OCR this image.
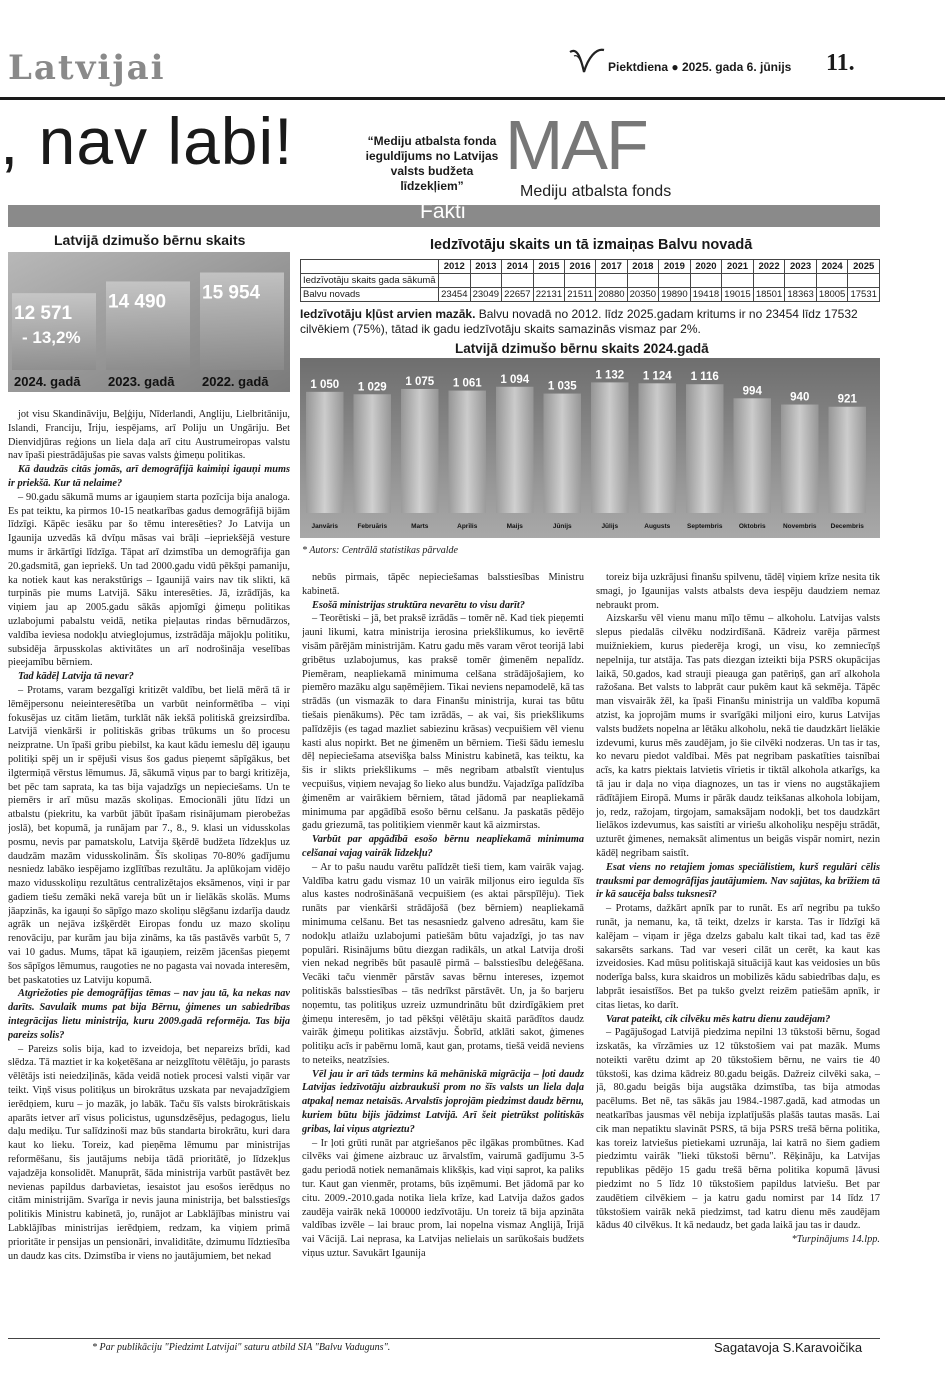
Latvijai	Piektdiena ● 2025. gada 6. jūnijs 11.
, nav labi!	“Mediju atbalsta fonda ieguldījums no Latvijas valsts budžeta līdzekļiem”
MAF
Mediju atbalsta fonds
Fakti
Latvijā dzimušo bērnu skaits
12 571
2024. gadā
14 490
2023. gadā
15 954
2022. gadā
- 13,2%
Iedzīvotāju skaits un tā izmaiņas Balvu novadā
	2012	2013	2014	2015	2016	2017	2018	2019	2020	2021	2022	2023	2024	2025
Iedzīvotāju skaits gada sākumā														
Balvu novads	23454	23049	22657	22131	21511	20880	20350	19890	19418	19015	18501	18363	18005	17531
Iedzīvotāju kļūst arvien mazāk. Balvu novadā no 2012. līdz 2025.gadam kritums ir no 23454 līdz 17532 cilvēkiem (75%), tātad ik gadu iedzīvotāju skaits samazinās vismaz par 2%.
Latvijā dzimušo bērnu skaits 2024.gadā
1 050
Janvāris
1 029
Februāris
1 075
Marts
1 061
Aprīlis
1 094
Maijs
1 035
Jūnijs
1 132
Jūlijs
1 124
Augusts
1 116
Septembris
994
Oktobris
940
Novembris
921
Decembris
* Autors: Centrālā statistikas pārvalde

jot visu Skandināviju, Beļģiju, Nīderlandi, Angliju, Lielbritāniju, Islandi, Franciju, Īriju, iespējams, arī Poliju un Ungāriju. Bet Dienvidjūras reģions un liela daļa arī citu Austrumeiropas valstu nav īpaši piestrādājušas pie savas valsts ģimeņu politikas.

Kā daudzās citās jomās, arī demogrāfijā kaimiņi igauņi mums ir priekšā. Kur tā nelaime?

– 90.gadu sākumā mums ar igauņiem starta pozīcija bija analoga. Es pat teiktu, ka pirmos 10-15 neatkarības gadus demogrāfijā bijām līdzīgi. Kāpēc iesāku par šo tēmu interesēties? Jo Latvija un Igaunija uzvedās kā dvīņu māsas vai brāļi –iepriekšējā vesture mums ir ārkārtīgi līdzīga. Tāpat arī dzimstība un demogrāfija gan 20.gadsmitā, gan iepriekš. Un tad 2000.gadu vidū pēkšņi pamaniju, ka notiek kaut kas nerakstūrigs – Igaunijā vairs nav tik slikti, kā turpinās pie mums Latvijā. Sāku interesēties. Jā, izrādījās, ka viņiem jau ap 2005.gadu sākās apjomīgi ģimeņu politikas uzlabojumi pabalstu veidā, netika pieļautas rindas bērnudārzos, valdība ieviesa nodokļu atvieglojumus, izstrādāja mājokļu politiku, subsidēja ārpusskolas aktivitātes un arī nodrošināja veselības pieejamību bērniem.

Tad kādēļ Latvija tā nevar?

– Protams, varam bezgalīgi kritizēt valdību, bet lielā mērā tā ir lēmējpersonu neieinteresētība un varbūt neinformētība – viņi fokusējas uz citām lietām, turklāt nāk iekšā politiskā greizsirdība. Latvijā vienkārši ir politiskās gribas trūkums un šo procesu neizpratne. Un īpaši gribu piebilst, ka kaut kādu iemeslu dēļ igauņu politiķi spēj un ir spējuši visus šos gadus pieņemt sāpīgākus, bet ilgtermiņā vērstus lēmumus. Jā, sākumā viņus par to bargi kritizēja, bet pēc tam saprata, ka tas bija vajadzīgs un nepieciešams. Un te piemērs ir arī mūsu mazās skoliņas. Emocionāli jūtu līdzi un atbalstu (piekritu, ka varbūt jābūt īpašam risinājumam pierobežas joslā), bet kopumā, ja runājam par 7., 8., 9. klasi un vidusskolas posmu, nevis par pamatskolu, Latvija šķērdē budžeta līdzekļus uz daudzām mazām vidusskolinām. Šīs skoliņas 70-80% gadījumu nesniedz labāko iespējamo izglītības rezultātu. Ja aplūkojam vidējo mazo vidusskoliņu rezultātus centralizētajos eksāmenos, viņi ir par gadiem tiešu zemāki nekā vareja būt un ir lielākās skolās. Mums jāapzinās, ka igauņi šo sāpīgo mazo skoliņu slēgšanu izdarīja daudz agrāk un nejāva izšķērdēt Eiropas fondu uz mazo skoliņu renovāciju, par kurām jau bija zināms, ka tās pastāvēs varbūt 5, 7 vai 10 gadus. Mums, tāpat kā igauņiem, reizēm jācenšas pieņemt šos sāpīgos lēmumus, raugoties ne no pagasta vai novada interesēm, bet paskatoties uz Latviju kopumā.

Atgriežoties pie demogrāfijas tēmas – nav jau tā, ka nekas nav darīts. Savulaik mums pat bija Bērnu, ģimenes un sabiedrības integrācijas lietu ministrija, kuru 2009.gadā reformēja. Tas bija pareizs solis?

– Pareizs solis bija, kad to izveidoja, bet nepareizs brīdi, kad slēdza. Tā maztiet ir ka koķetēšana ar neizglītotu vēlētāju, jo parasts vēlētājs isti neiedziļinās, kāda veidā notiek procesi valsti viņār var teikt. Viņš visus politiķus un birokrātus uzskata par nevajadzīgiem ierēdņiem, kuru – jo mazāk, jo labāk. Taču šīs valsts birokrātiskais aparāts ietver arī visus policistus, ugunsdzēsējus, pedagogus, lielu daļu mediķu. Tur salīdzinoši maz būs standarta birokrātu, kuri dara kaut ko lieku. Toreiz, kad pieņēma lēmumu par ministrijas reformēšanu, šis jautājums nebija tādā prioritātē, jo līdzekļus vajadzēja konsolidēt. Manuprāt, šāda ministrija varbūt pastāvēt bez nevienas papildus darbavietas, iesaistot jau esošos ierēdņus no citām ministrijām. Svarīga ir nevis jauna ministrija, bet balsstiesīgs politikis Ministru kabinetā, jo, runājot ar Labklājības ministru vai Labklājības ministrijas ierēdņiem, redzam, ka viņiem primā prioritāte ir pensijas un pensionāri, invaliditāte, dzimumu līdztiesība un daudz kas cits. Dzimstība ir viens no jautājumiem, bet nekad

nebūs pirmais, tāpēc nepieciešamas balsstiesības Ministru kabinetā.

Esošā ministrijas struktūra nevarētu to visu darīt?

– Teorētiski – jā, bet praksē izrādās – tomēr nē. Kad tiek pieņemti jauni likumi, katra ministrija ierosina priekšlikumus, ko ievērtē visām pārējām ministrijām. Katru gadu mēs varam vērot teorijā labi gribētus uzlabojumus, kas praksē tomēr ģimenēm nepalīdz. Piemēram, neapliekamā minimuma celšana strādājošajiem, ko piemēro mazāku algu saņēmējiem. Tikai neviens nepamodelē, kā tas strādās (un vismazāk to dara Finanšu ministrija, kurai tas būtu tiešais pienākums). Pēc tam izrādās, – ak vai, šis priekšlikums palīdzējis (es tagad mazliet sabiezinu krāsas) vecpuišiem vēl vienu kasti alus nopirkt. Bet ne ģimenēm un bērniem. Tieši šādu iemeslu dēļ nepieciešama atsevišķa balss Ministru kabinetā, kas teiktu, ka šis ir slikts priekšlikums – mēs negribam atbalstīt vientuļus vecpuišus, viņiem nevajag šo lieko alus bundžu. Vajadzīga palīdzība ģimenēm ar vairākiem bērniem, tātad jādomā par neapliekamā minimuma par apgādībā esošo bērnu celšanu. Ja paskatās pēdējo gadu griezumā, tas politiķiem vienmēr kaut kā aizmirstas.

Varbūt par apgādībā esošo bērnu neapliekamā minimuma celšanai vajag vairāk līdzekļu?

– Ar to pašu naudu varētu palīdzēt tieši tiem, kam vairāk vajag. Valdība katru gadu vismaz 10 un vairāk miljonus eiro iegulda šīs alus kastes nodrošināšanā vecpuišiem (es aktai pārspīlēju). Tiek runāts par vienkārši strādājošā (bez bērniem) neapliekamā minimuma celšanu. Bet tas nesasniedz galveno adresātu, kam šie nodokļu atlaižu uzlabojumi patiešām būtu vajadzīgi, jo tas nav populāri. Risinājums būtu diezgan radikāls, un atkal Latvija droši vien nekad negribēs būt pasaulē pirmā – balsstiesību deleģēšana. Vecāki taču vienmēr pārstāv savas bērnu intereses, izņemot politiskās balsstiesības – tās nedrīkst pārstāvēt. Un, ja šo barjeru noņemtu, tas politiķus uzreiz uzmundrinātu būt dzirdīgākiem pret ģimeņu interesēm, jo tad pēkšņi vēlētāju skaitā parādītos daudz vairāk ģimeņu politikas aizstāvju. Šobrīd, atklāti sakot, ģimenes politiķu acīs ir pabērnu lomā, kaut gan, protams, tiešā veidā neviens to neteiks, neatzīsies.

Vēl jau ir arī tāds termins kā mehāniskā migrācija – ļoti daudz Latvijas iedzīvotāju aizbraukuši prom no šīs valsts un liela daļa atpakaļ nemaz netaisās. Arvalstīs joprojām piedzimst daudz bērnu, kuriem būtu bijis jādzimst Latvijā. Arī šeit pietrūkst politiskās gribas, lai viņus atgrieztu?

– Ir ļoti grūti runāt par atgriešanos pēc ilgākas prombūtnes. Kad cilvēks vai ģimene aizbrauc uz ārvalstīm, vairumā gadījumu 3-5 gadu periodā notiek nemanāmais klikšķis, kad viņi saprot, ka paliks tur. Kaut gan vienmēr, protams, būs izņēmumi. Bet jādomā par ko citu. 2009.-2010.gada notika liela krīze, kad Latvija dažos gados zaudēja vairāk nekā 100000 iedzīvotāju. Un toreiz tā bija apzināta valdības izvēle – lai brauc prom, lai nopelna vismaz Anglijā, Īrijā vai Vācijā. Lai neprasa, ka Latvijas nelielais un sarūkošais budžets viņus uztur. Savukārt Igaunija

toreiz bija uzkrājusi finanšu spilvenu, tādēļ viņiem krīze nesita tik smagi, jo Igaunijas valsts atbalsts deva iespēju daudziem nemaz nebraukt prom.

Aizskaršu vēl vienu manu mīļo tēmu – alkoholu. Latvijas valsts slepus piedalās cilvēku nodzirdīšanā. Kādreiz varēja pārmest muižniekiem, kurus piederēja krogi, un visu, ko zemniecīņš nepelnija, tur atstāja. Tas pats diezgan izteikti bija PSRS okupācijas laikā, 50.gados, kad strauji pieauga gan patēriņš, gan arī alkohola ražošana. Bet valsts to labprāt caur pukēm kaut kā sekmēja. Tāpēc man visvairāk žēl, ka īpaši Finanšu ministrija un valdība kopumā atzist, ka joprojām mums ir svarīgāki miljoni eiro, kurus Latvijas valsts budžets nopelna ar lētāku alkoholu, nekā tie daudzkārt lielākie izdevumi, kurus mēs zaudējam, jo šie cilvēki nodzeras. Un tas ir tas, ko nevaru piedot valdībai. Mēs pat negribam paskatīties taisnībai acīs, ka katrs piektais latvietis vīrietis ir tiktāl alkohola atkarīgs, ka tā jau ir daļa no viņa diagnozes, un tas ir viens no augstākajiem rādītājiem Eiropā. Mums ir pārāk daudz teikšanas alkohola lobijam, jo, redz, ražojam, tirgojam, samaksājam nodokļi, bet tos daudzkārt lielākos izdevumus, kas saistīti ar viriešu alkoholiķu nespēju strādāt, uzturēt ģimenes, nemaksāt alimentus un beigās vispār nomirt, nezin kādēļ negribam saistīt.

Esat viens no retajiem jomas speciālistiem, kurš regulāri cēlis trauksmi par demogrāfijas jautājumiem. Nav sajūtas, ka brīžiem tā ir kā saucēja balss tuksnesī?

– Protams, dažkārt apnīk par to runāt. Es arī negribu pa tukšo runāt, ja nemanu, ka, tā teikt, dzelzs ir karsta. Tas ir līdzīgi kā kalējam – viņam ir jēga dzelzs gabalu kalt tikai tad, kad tas ēzē sakarsēts sarkans. Tad var veseri cilāt un cerēt, ka kaut kas izveidosies. Kad mūsu politiskajā situācijā kaut kas veidosies un būs noderīga balss, kura skaidros un mobilizēs kādu sabiedrības daļu, es labprāt iesaistīšos. Bet pa tukšo gvelzt reizēm patiešām apnīk, ir citas lietas, ko darīt.

Varat pateikt, cik cilvēku mēs katru dienu zaudējam?

– Pagājušogad Latvijā piedzima nepilni 13 tūkstoši bērnu, šogad izskatās, ka vīrzāmies uz 12 tūkstošiem vai pat mazāk. Mums noteikti varētu dzimt ap 20 tūkstošiem bērnu, ne vairs tie 40 tūkstoši, kas dzima kādreiz 80.gadu beigās. Dažreiz cilvēki saka, – jā, 80.gadu beigās bija augstāka dzimstība, tas bija atmodas pacēlums. Bet nē, tas sākās jau 1984.-1987.gadā, kad atmodas un neatkarības jausmas vēl nebija izplatījušās plašās tautas masās. Lai cik man nepatiktu slavināt PSRS, tā bija PSRS trešā bērna politika, kas toreiz latviešus pietiekami uzrunāja, lai katrā no šiem gadiem piedzimtu vairāk "lieki tūkstoši bērnu". Rēķināju, ka Latvijas republikas pēdējo 15 gadu trešā bērna politika kopumā ļāvusi piedzimt no 5 līdz 10 tūkstošiem papildus latviešu. Bet par zaudētiem cilvēkiem – ja katru gadu nomirst par 14 līdz 17 tūkstošiem vairāk nekā piedzimst, tad katru dienu mēs zaudējam kādus 40 cilvēkus. It kā nedaudz, bet gada laikā jau tas ir daudz.

*Turpinājums 14.lpp.

* Par publikāciju "Piedzimt Latvijai" saturu atbild SIA "Balvu Vaduguns".	Sagatavoja S.Karavoičika
